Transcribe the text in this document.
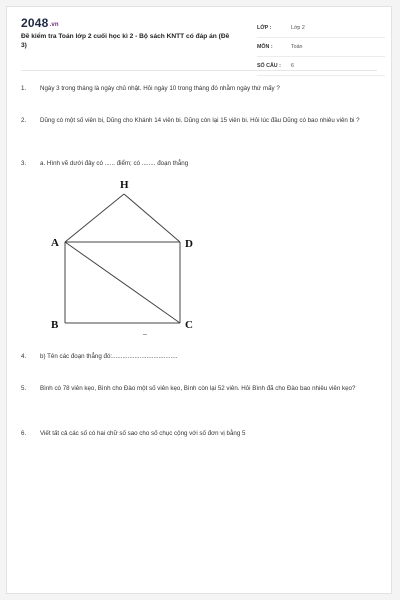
2048.vn
Đề kiểm tra Toán lớp 2 cuối học kì 2 - Bộ sách KNTT có đáp án (Đề 3)
LỚP :	Lớp 2
MÔN :	Toán
SỐ CÂU : 6
1. Ngày 3 trong tháng là ngày chủ nhật. Hỏi ngày 10 trong tháng đó nhằm ngày thứ mấy ?
2. Dũng có một số viên bi, Dũng cho Khánh 14 viên bi. Dũng còn lại 15 viên bi. Hỏi lúc đầu Dũng có bao nhiêu viên bi ?
3. a. Hình vẽ dưới đây có ...... điểm; có ........ đoạn thẳng
H
A	D
B	C
4. b) Tên các đoạn thẳng đó:......................................
5. Bình có 78 viên kẹo, Bình cho Đào một số viên kẹo, Bình còn lại 52 viên. Hỏi Bình đã cho Đào bao nhiêu viên kẹo?
6. Viết tất cả các số có hai chữ số sao cho số chục cộng với số đơn vị bằng 5
